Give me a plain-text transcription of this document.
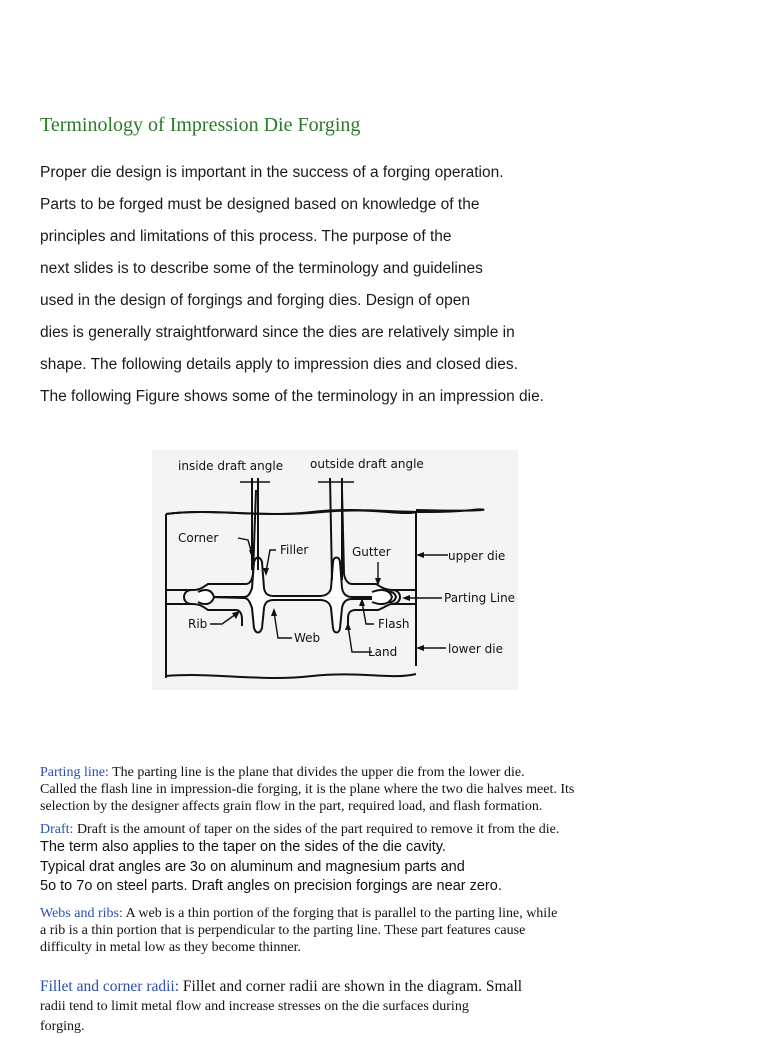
Terminology of Impression Die Forging
Proper die design is important in the success of a forging operation.
Parts to be forged must be designed based on knowledge of the
principles and limitations of this process. The purpose of the
next slides is to describe some of the terminology and guidelines
used in the design of forgings and forging dies. Design of open
dies is generally straightforward since the dies are relatively simple in
shape. The following details apply to impression dies and closed dies.
The following Figure shows some of the terminology in an impression die.
inside draft angle outside draft angle
Corner
Filler	Gutter	upper die
Parting Line
Rib
Web
Flash
Land	lower die
Parting line: The parting line is the plane that divides the upper die from the lower die.
Called the flash line in impression-die forging, it is the plane where the two die halves meet. Its
selection by the designer affects grain flow in the part, required load, and flash formation.
Draft: Draft is the amount of taper on the sides of the part required to remove it from the die.
The term also applies to the taper on the sides of the die cavity.
Typical drat angles are 3o on aluminum and magnesium parts and
5o to 7o on steel parts. Draft angles on precision forgings are near zero.
Webs and ribs: A web is a thin portion of the forging that is parallel to the parting line, while
a rib is a thin portion that is perpendicular to the parting line. These part features cause
difficulty in metal low as they become thinner.
Fillet and corner radii: Fillet and corner radii are shown in the diagram. Small
radii tend to limit metal flow and increase stresses on the die surfaces during
forging.
